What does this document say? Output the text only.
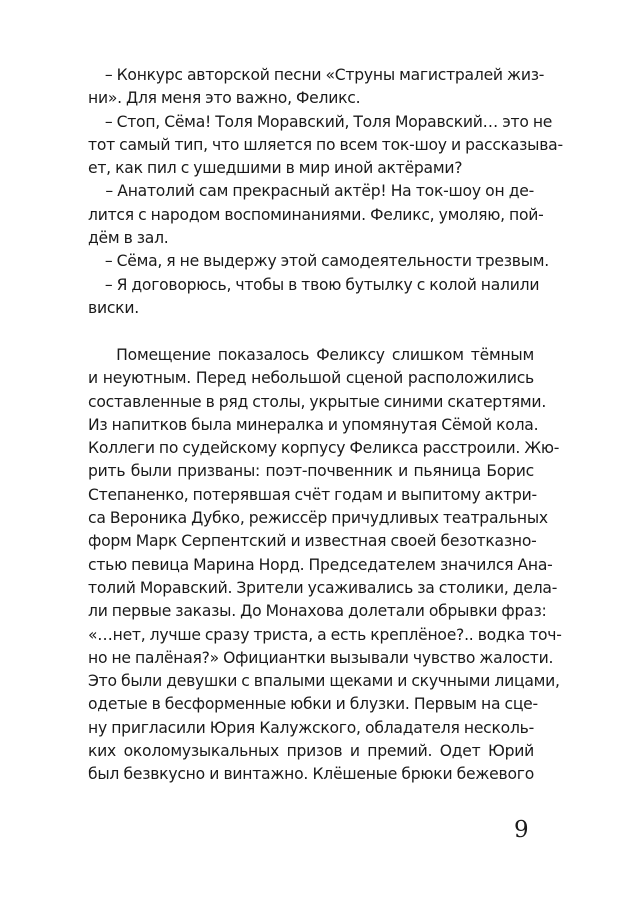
– Конкурс авторской песни «Струны магистралей жиз-
ни». Для меня это важно, Феликс.
– Стоп, Сёма! Толя Моравский, Толя Моравский… это не
тот самый тип, что шляется по всем ток-шоу и рассказыва-
ет, как пил с ушедшими в мир иной актёрами?
– Анатолий сам прекрасный актёр! На ток-шоу он де-
лится с народом воспоминаниями. Феликс, умоляю, пой-
дём в зал.
– Сёма, я не выдержу этой самодеятельности трезвым.
– Я договорюсь, чтобы в твою бутылку с колой налили
виски.
Помещение показалось Феликсу слишком тёмным
и неуютным. Перед небольшой сценой расположились
составленные в ряд столы, укрытые синими скатертями.
Из напитков была минералка и упомянутая Сёмой кола.
Коллеги по судейскому корпусу Феликса расстроили. Жю-
рить были призваны: поэт-почвенник и пьяница Борис
Степаненко, потерявшая счёт годам и выпитому актри-
са Вероника Дубко, режиссёр причудливых театральных
форм Марк Серпентский и известная своей безотказно-
стью певица Марина Норд. Председателем значился Ана-
толий Моравский. Зрители усаживались за столики, дела-
ли первые заказы. До Монахова долетали обрывки фраз:
«…нет, лучше сразу триста, а есть креплёное?.. водка точ-
но не палёная?» Официантки вызывали чувство жалости.
Это были девушки с впалыми щеками и скучными лицами,
одетые в бесформенные юбки и блузки. Первым на сце-
ну пригласили Юрия Калужского, обладателя несколь-
ких околомузыкальных призов и премий. Одет Юрий
был безвкусно и винтажно. Клёшеные брюки бежевого
9
